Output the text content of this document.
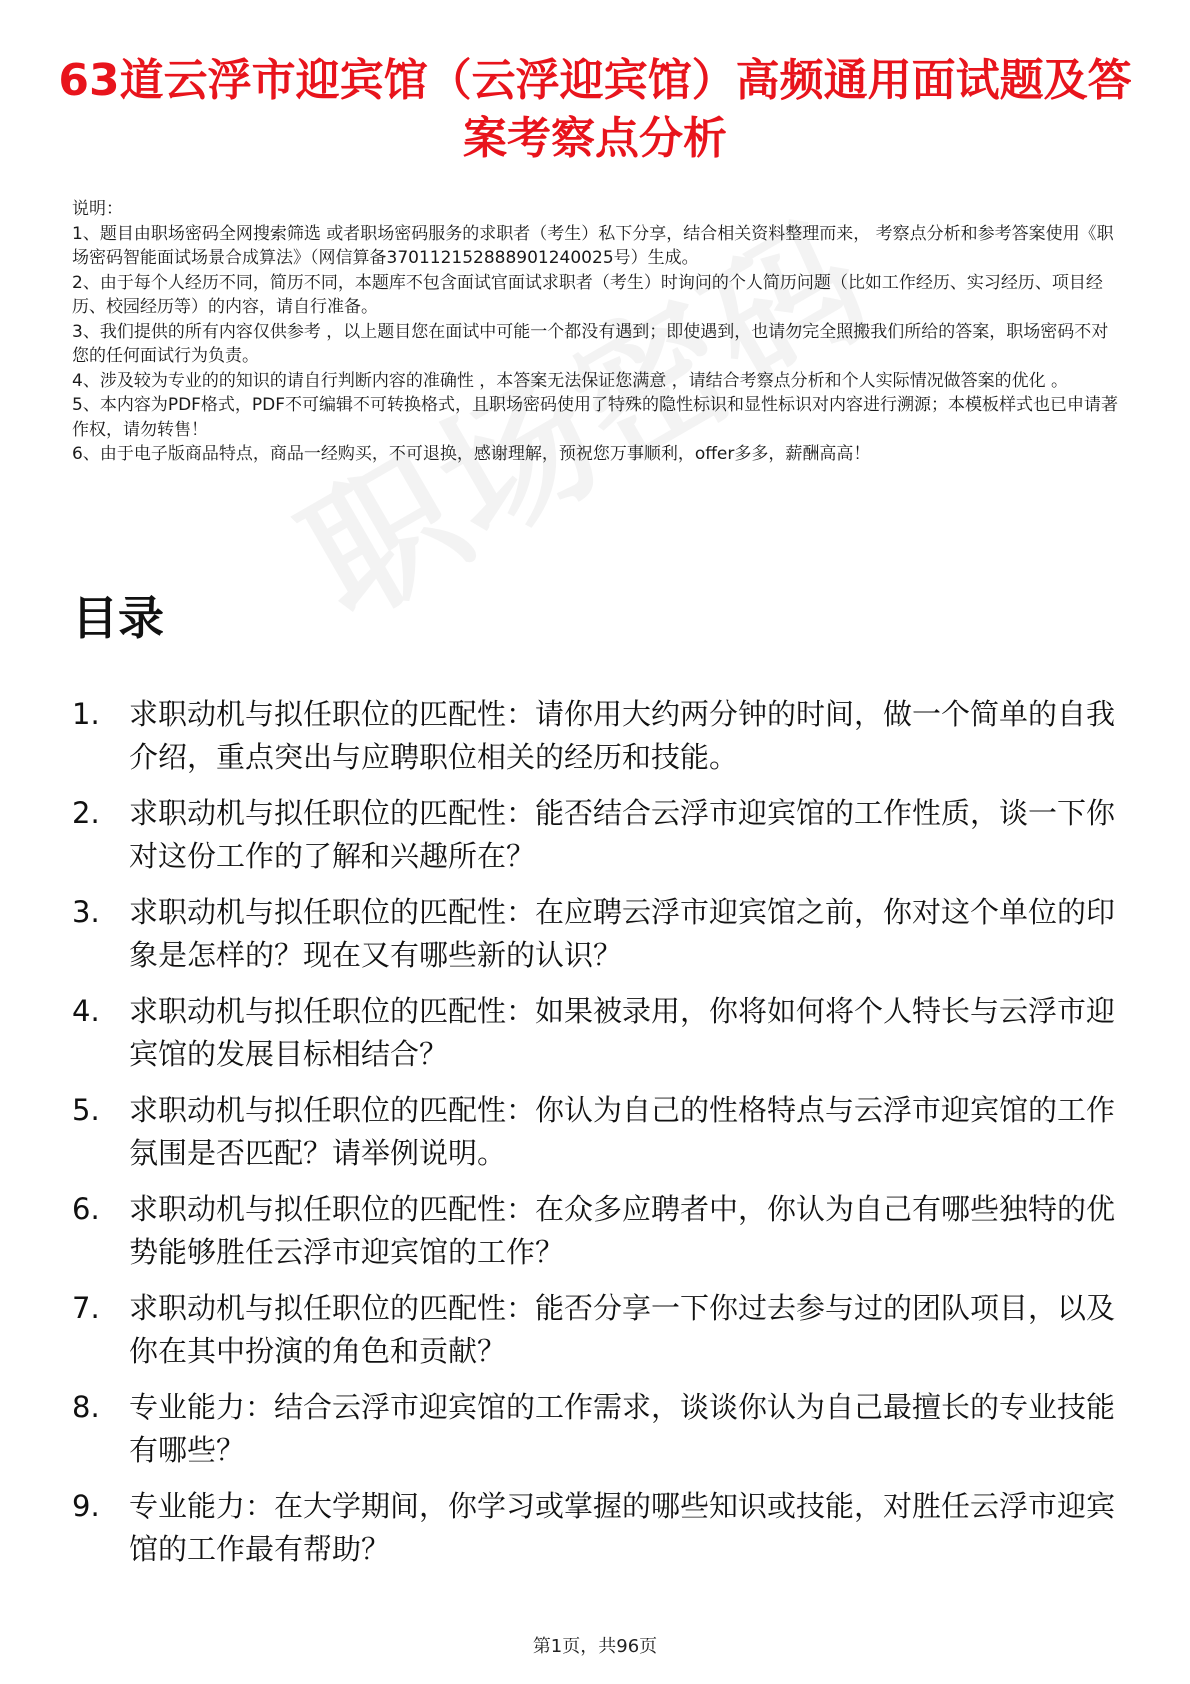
63道云浮市迎宾馆（云浮迎宾馆）高频通用面试题及答案考察点分析
说明：
1、题目由职场密码全网搜索筛选 或者职场密码服务的求职者（考生）私下分享，结合相关资料整理而来， 考察点分析和参考答案使用《职场密码智能面试场景合成算法》（网信算备370112152888901240025号）生成。
2、由于每个人经历不同，简历不同，本题库不包含面试官面试求职者（考生）时询问的个人简历问题（比如工作经历、实习经历、项目经历、校园经历等）的内容，请自行准备。
3、我们提供的所有内容仅供参考 ，以上题目您在面试中可能一个都没有遇到；即使遇到，也请勿完全照搬我们所给的答案，职场密码不对您的任何面试行为负责。
4、涉及较为专业的的知识的请自行判断内容的准确性 ，本答案无法保证您满意 ，请结合考察点分析和个人实际情况做答案的优化 。
5、本内容为PDF格式，PDF不可编辑不可转换格式，且职场密码使用了特殊的隐性标识和显性标识对内容进行溯源；本模板样式也已申请著作权，请勿转售！
6、由于电子版商品特点，商品一经购买，不可退换，感谢理解，预祝您万事顺利，offer多多，薪酬高高！
目录
1.	求职动机与拟任职位的匹配性：请你用大约两分钟的时间，做一个简单的自我介绍，重点突出与应聘职位相关的经历和技能。
2.	求职动机与拟任职位的匹配性：能否结合云浮市迎宾馆的工作性质，谈一下你对这份工作的了解和兴趣所在？
3.	求职动机与拟任职位的匹配性：在应聘云浮市迎宾馆之前，你对这个单位的印象是怎样的？现在又有哪些新的认识？
4.	求职动机与拟任职位的匹配性：如果被录用，你将如何将个人特长与云浮市迎宾馆的发展目标相结合？
5.	求职动机与拟任职位的匹配性：你认为自己的性格特点与云浮市迎宾馆的工作氛围是否匹配？请举例说明。
6.	求职动机与拟任职位的匹配性：在众多应聘者中，你认为自己有哪些独特的优势能够胜任云浮市迎宾馆的工作？
7.	求职动机与拟任职位的匹配性：能否分享一下你过去参与过的团队项目，以及你在其中扮演的角色和贡献？
8.	专业能力：结合云浮市迎宾馆的工作需求，谈谈你认为自己最擅长的专业技能有哪些？
9.	专业能力：在大学期间，你学习或掌握的哪些知识或技能，对胜任云浮市迎宾馆的工作最有帮助？
第1页，共96页
